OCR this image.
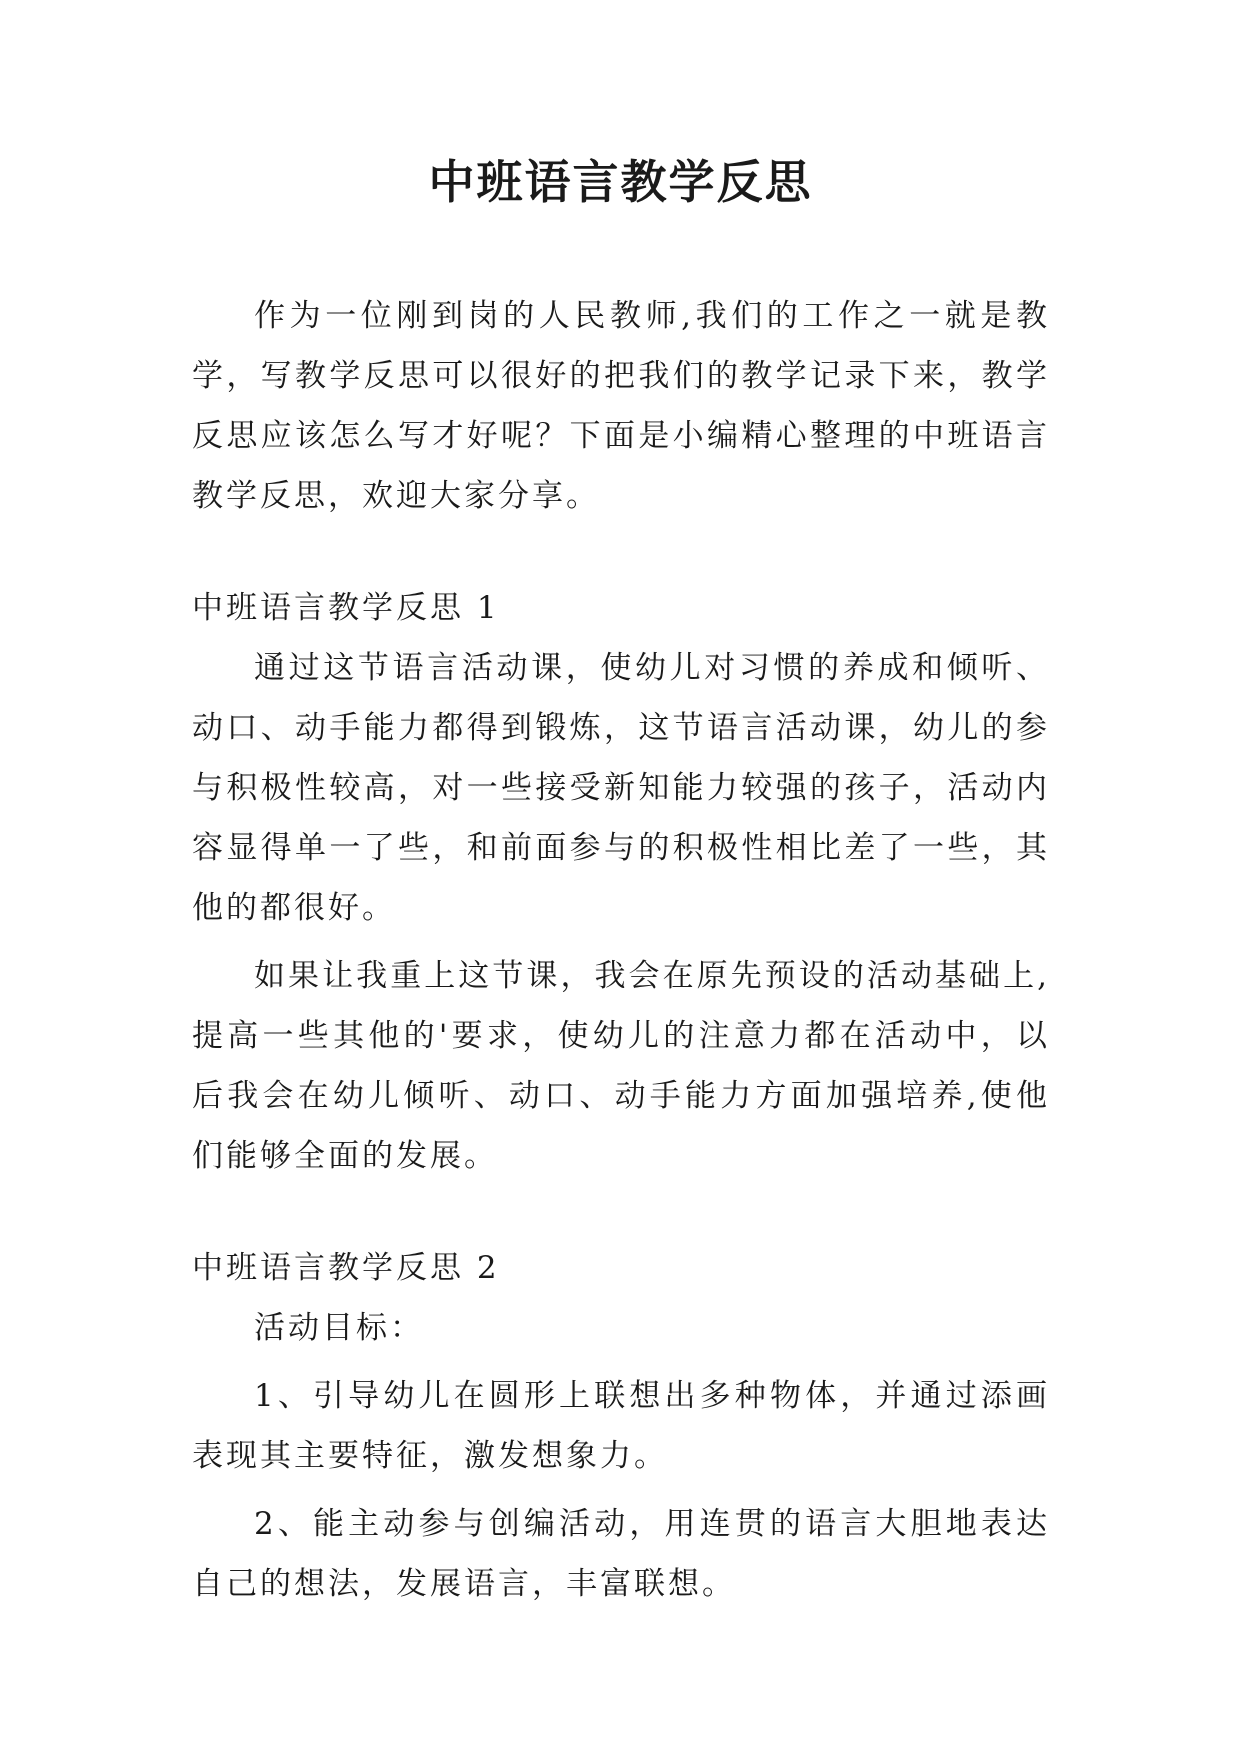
中班语言教学反思

作为一位刚到岗的人民教师,我们的工作之一就是教学，写教学反思可以很好的把我们的教学记录下来，教学反思应该怎么写才好呢？下面是小编精心整理的中班语言教学反思，欢迎大家分享。

中班语言教学反思 1

通过这节语言活动课，使幼儿对习惯的养成和倾听、动口、动手能力都得到锻炼，这节语言活动课，幼儿的参与积极性较高，对一些接受新知能力较强的孩子，活动内容显得单一了些，和前面参与的积极性相比差了一些，其他的都很好。

如果让我重上这节课，我会在原先预设的活动基础上,提高一些其他的'要求，使幼儿的注意力都在活动中，以后我会在幼儿倾听、动口、动手能力方面加强培养,使他们能够全面的发展。

中班语言教学反思 2

活动目标：

1、引导幼儿在圆形上联想出多种物体，并通过添画表现其主要特征，激发想象力。

2、能主动参与创编活动，用连贯的语言大胆地表达自己的想法，发展语言，丰富联想。
